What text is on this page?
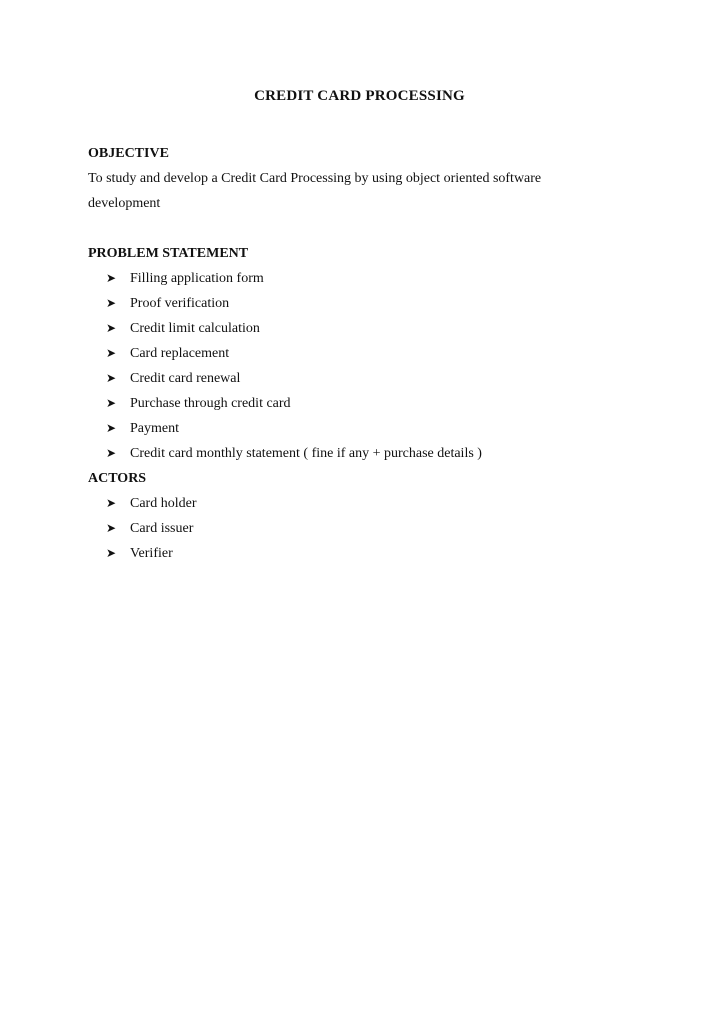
CREDIT CARD PROCESSING
OBJECTIVE
To study and develop a Credit Card Processing by using object oriented software
development
PROBLEM STATEMENT
➤ Filling application form
➤ Proof verification
➤ Credit limit calculation
➤ Card replacement
➤ Credit card renewal
➤ Purchase through credit card
➤ Payment
➤ Credit card monthly statement ( fine if any + purchase details )
ACTORS
➤ Card holder
➤ Card issuer
➤ Verifier
